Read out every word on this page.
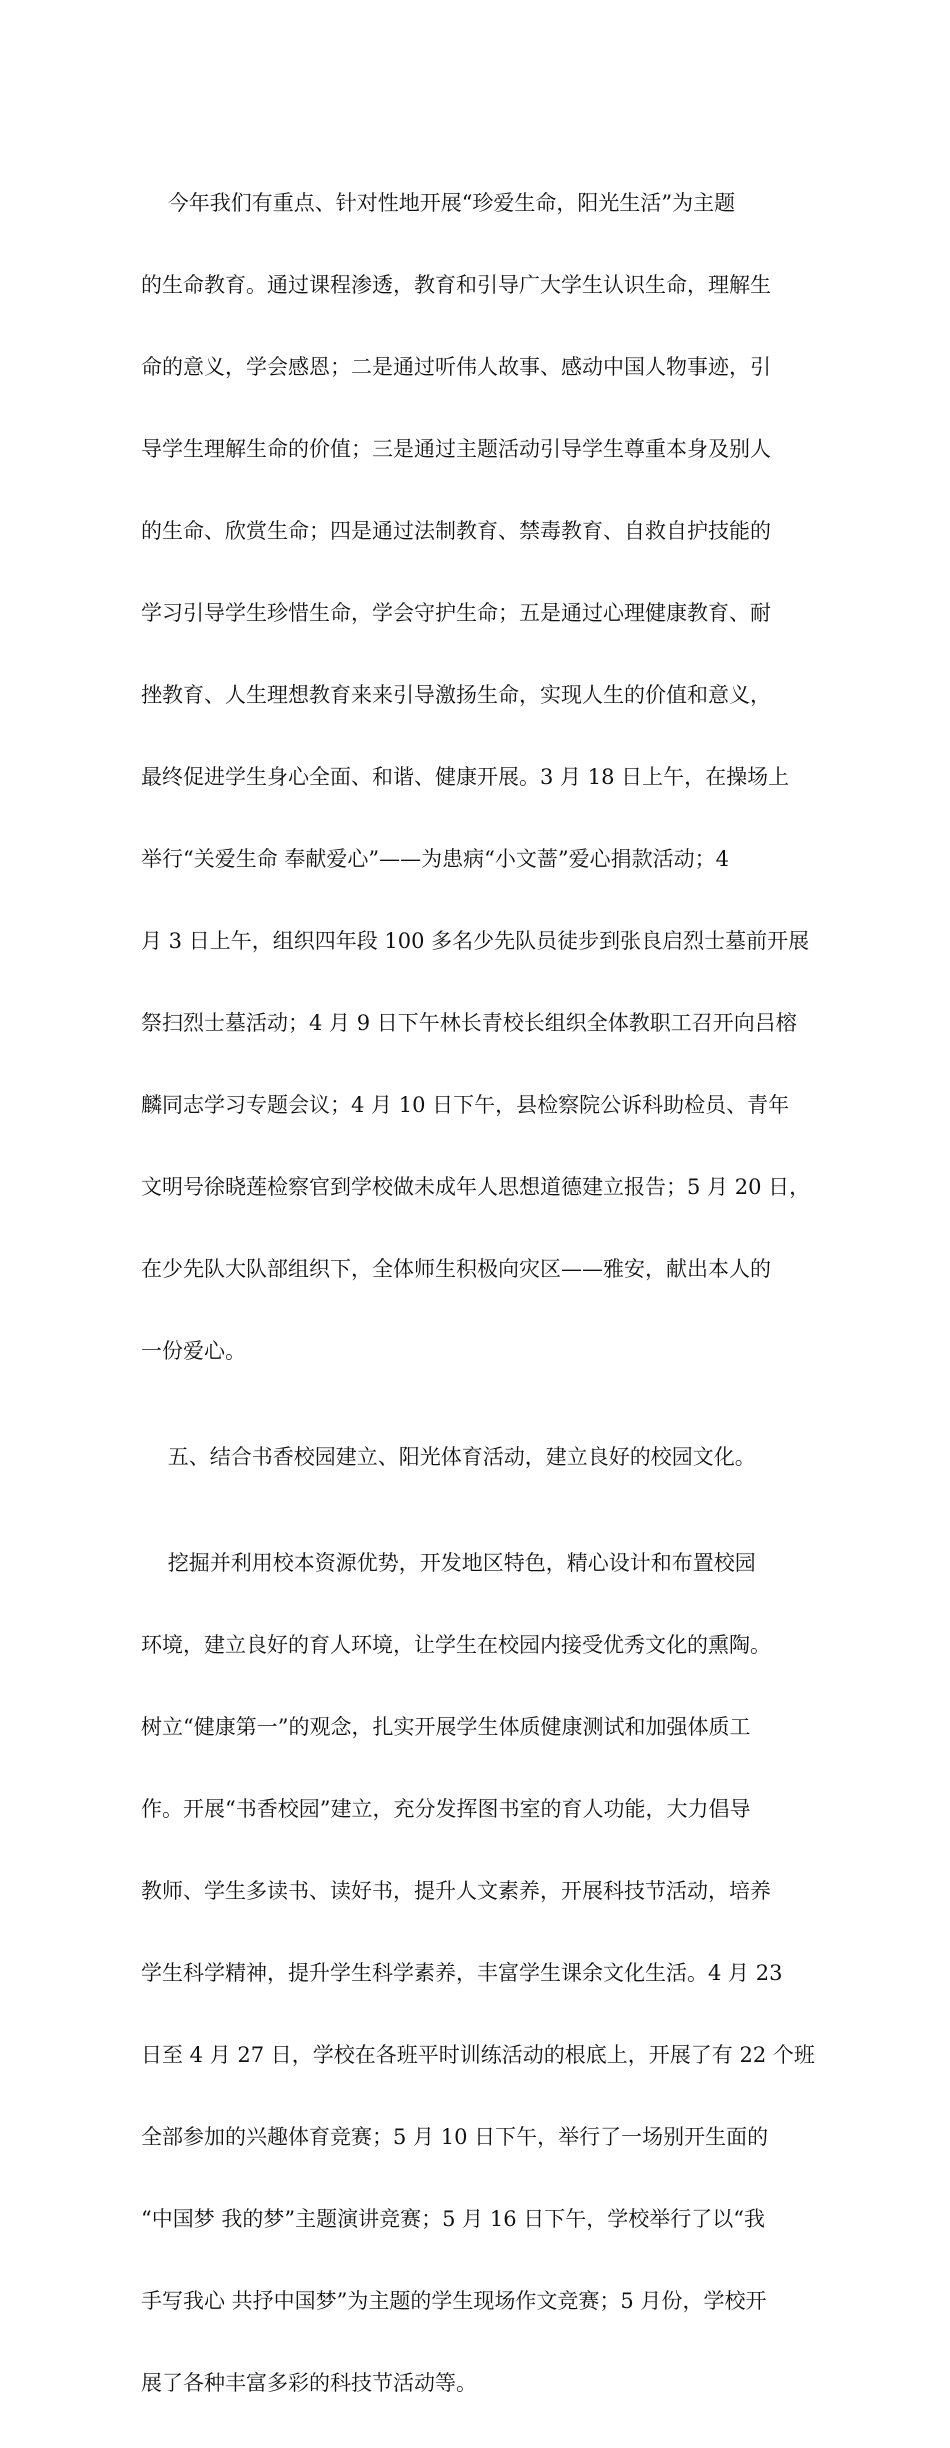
今年我们有重点、针对性地开展“珍爱生命，阳光生活”为主题

的生命教育。通过课程渗透，教育和引导广大学生认识生命，理解生

命的意义，学会感恩；二是通过听伟人故事、感动中国人物事迹，引

导学生理解生命的价值；三是通过主题活动引导学生尊重本身及别人

的生命、欣赏生命；四是通过法制教育、禁毒教育、自救自护技能的

学习引导学生珍惜生命，学会守护生命；五是通过心理健康教育、耐

挫教育、人生理想教育来来引导激扬生命，实现人生的价值和意义，

最终促进学生身心全面、和谐、健康开展。3 月 18 日上午，在操场上

举行“关爱生命 奉献爱心”——为患病“小文蔷”爱心捐款活动；4

月 3 日上午，组织四年段 100 多名少先队员徒步到张良启烈士墓前开展

祭扫烈士墓活动；4 月 9 日下午林长青校长组织全体教职工召开向吕榕

麟同志学习专题会议；4 月 10 日下午，县检察院公诉科助检员、青年

文明号徐晓莲检察官到学校做未成年人思想道德建立报告；5 月 20 日，

在少先队大队部组织下，全体师生积极向灾区——雅安，献出本人的

一份爱心。

五、结合书香校园建立、阳光体育活动，建立良好的校园文化。

挖掘并利用校本资源优势，开发地区特色，精心设计和布置校园

环境，建立良好的育人环境，让学生在校园内接受优秀文化的熏陶。

树立“健康第一”的观念，扎实开展学生体质健康测试和加强体质工

作。开展“书香校园”建立，充分发挥图书室的育人功能，大力倡导

教师、学生多读书、读好书，提升人文素养，开展科技节活动，培养

学生科学精神，提升学生科学素养，丰富学生课余文化生活。4 月 23

日至 4 月 27 日，学校在各班平时训练活动的根底上，开展了有 22 个班

全部参加的兴趣体育竞赛；5 月 10 日下午，举行了一场别开生面的

“中国梦 我的梦”主题演讲竞赛；5 月 16 日下午，学校举行了以“我

手写我心 共抒中国梦”为主题的学生现场作文竞赛；5 月份，学校开

展了各种丰富多彩的科技节活动等。
